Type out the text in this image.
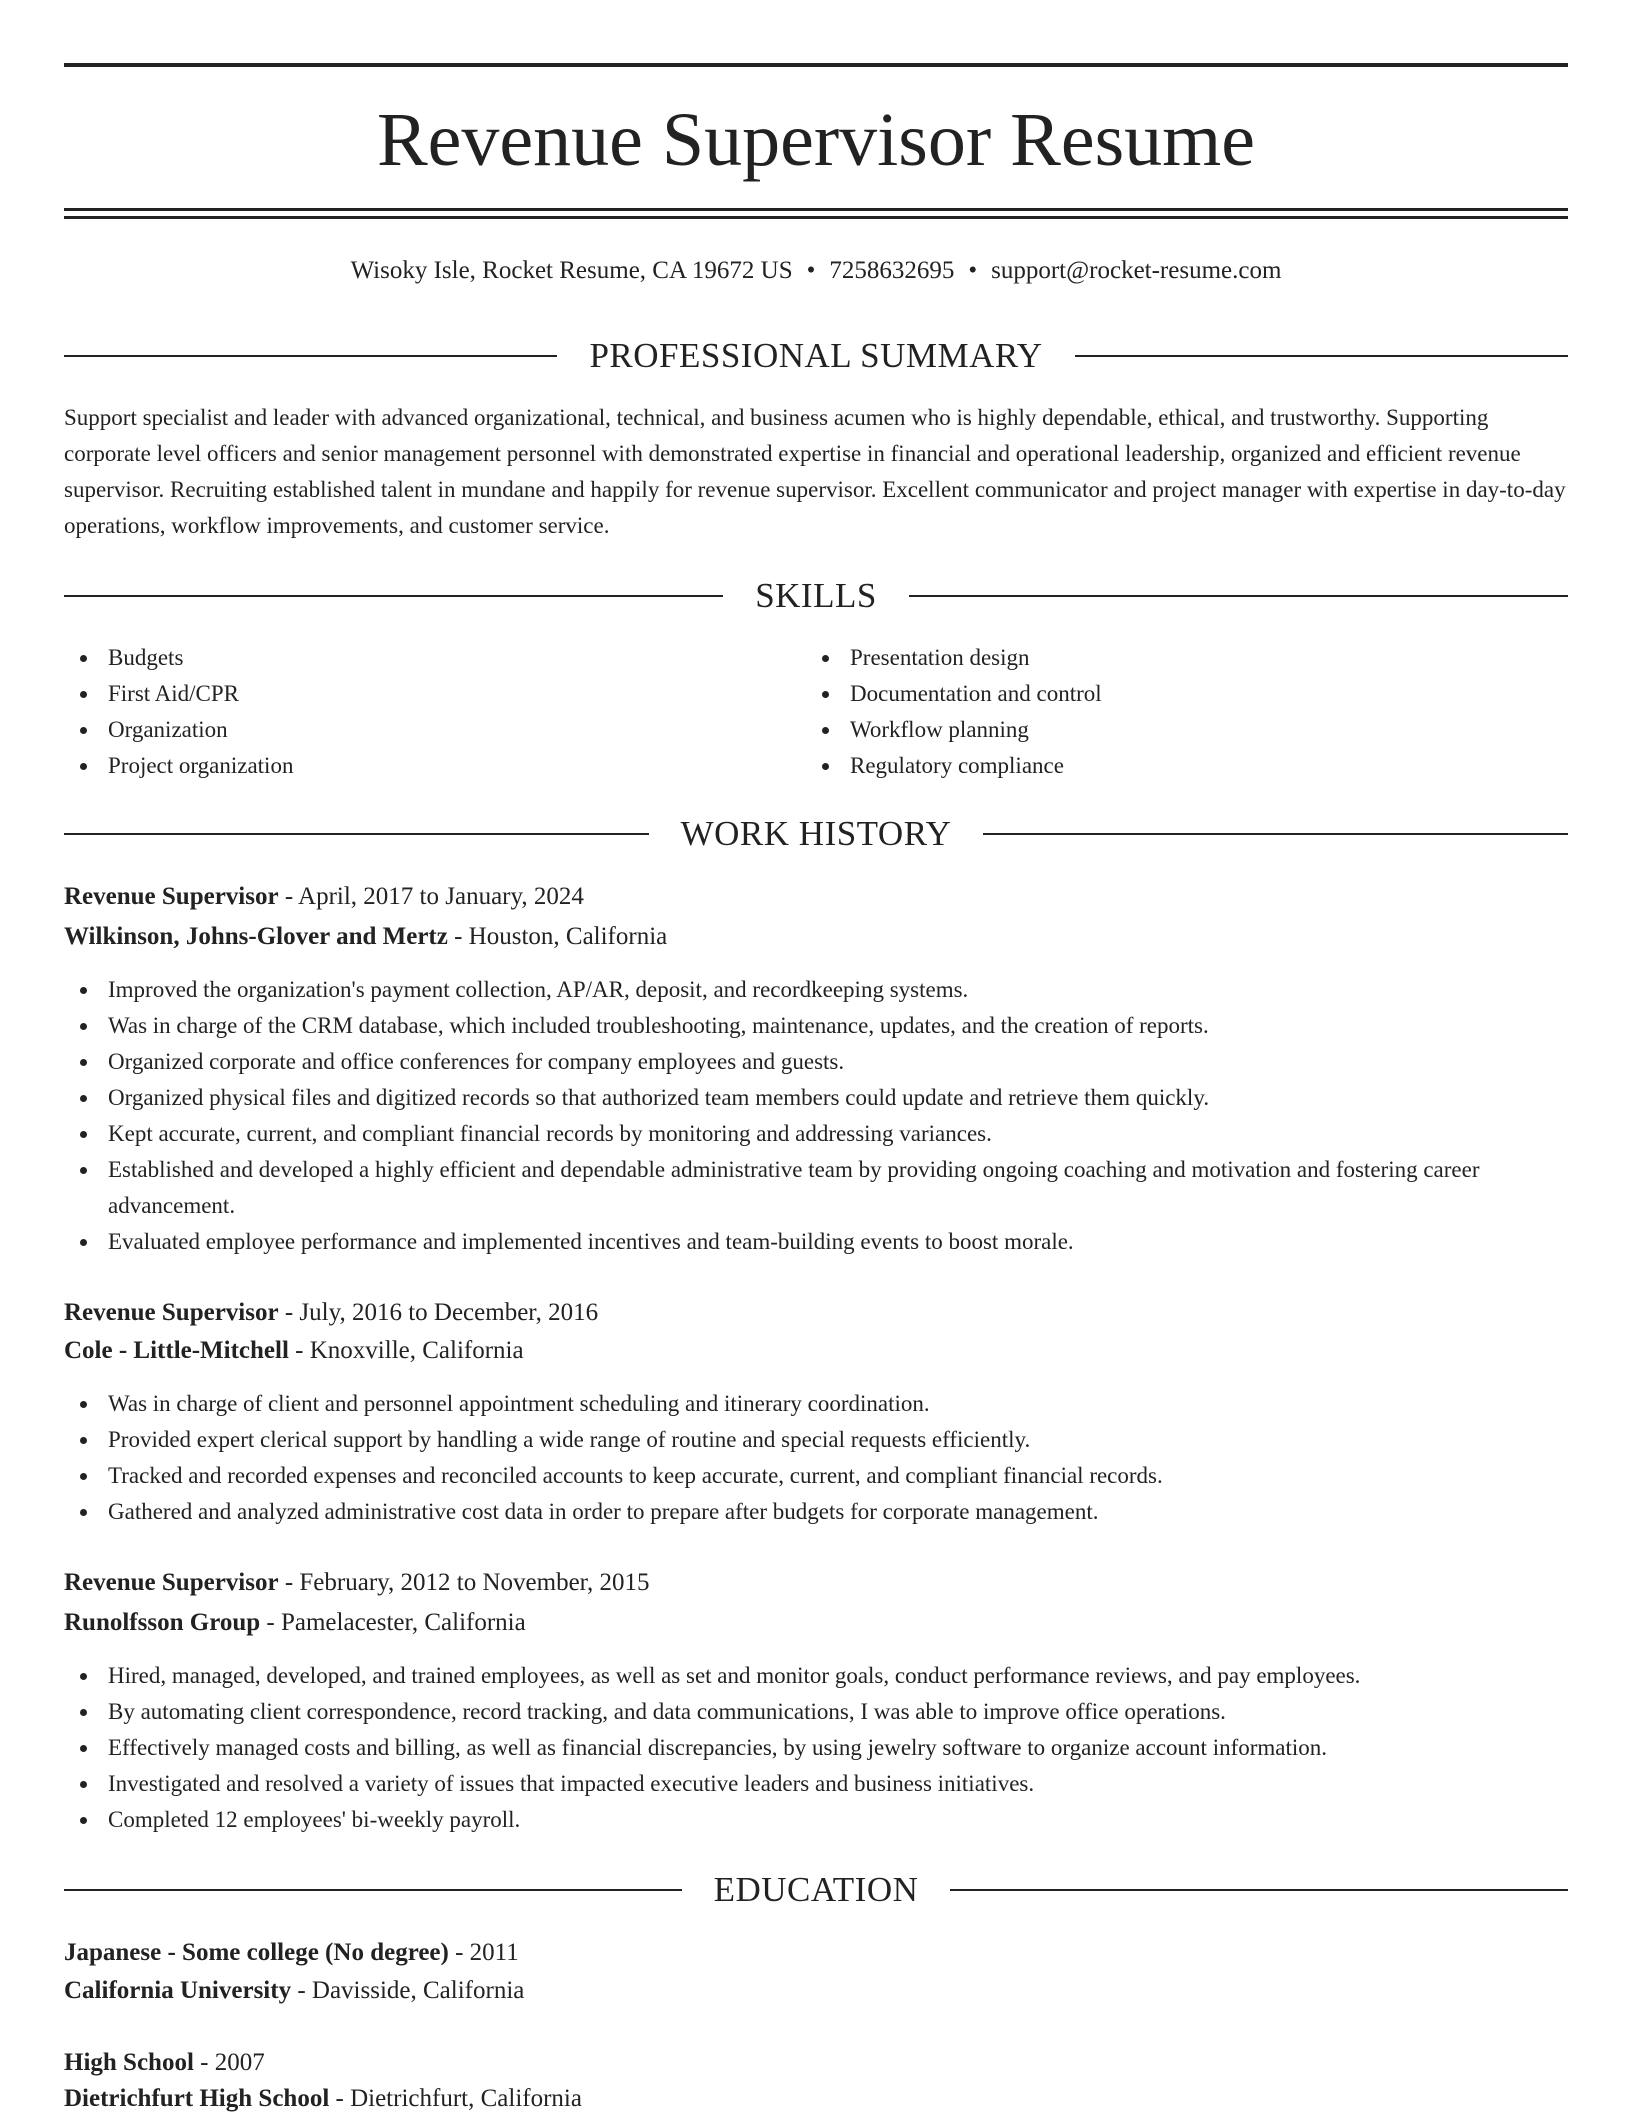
Revenue Supervisor Resume
Wisoky Isle, Rocket Resume, CA 19672 US • 7258632695 • support@rocket-resume.com
PROFESSIONAL SUMMARY

Support specialist and leader with advanced organizational, technical, and business acumen who is highly dependable, ethical, and trustworthy. Supporting corporate level officers and senior management personnel with demonstrated expertise in financial and operational leadership, organized and efficient revenue supervisor. Recruiting established talent in mundane and happily for revenue supervisor. Excellent communicator and project manager with expertise in day-to-day operations, workflow improvements, and customer service.

SKILLS
Budgets
First Aid/CPR
Organization
Project organization
Presentation design
Documentation and control
Workflow planning
Regulatory compliance
WORK HISTORY

Revenue Supervisor - April, 2017 to January, 2024

Wilkinson, Johns-Glover and Mertz - Houston, California

Improved the organization's payment collection, AP/AR, deposit, and recordkeeping systems.
Was in charge of the CRM database, which included troubleshooting, maintenance, updates, and the creation of reports.
Organized corporate and office conferences for company employees and guests.
Organized physical files and digitized records so that authorized team members could update and retrieve them quickly.
Kept accurate, current, and compliant financial records by monitoring and addressing variances.
Established and developed a highly efficient and dependable administrative team by providing ongoing coaching and motivation and fostering career advancement.
Evaluated employee performance and implemented incentives and team-building events to boost morale.

Revenue Supervisor - July, 2016 to December, 2016

Cole - Little-Mitchell - Knoxville, California

Was in charge of client and personnel appointment scheduling and itinerary coordination.
Provided expert clerical support by handling a wide range of routine and special requests efficiently.
Tracked and recorded expenses and reconciled accounts to keep accurate, current, and compliant financial records.
Gathered and analyzed administrative cost data in order to prepare after budgets for corporate management.

Revenue Supervisor - February, 2012 to November, 2015

Runolfsson Group - Pamelacester, California

Hired, managed, developed, and trained employees, as well as set and monitor goals, conduct performance reviews, and pay employees.
By automating client correspondence, record tracking, and data communications, I was able to improve office operations.
Effectively managed costs and billing, as well as financial discrepancies, by using jewelry software to organize account information.
Investigated and resolved a variety of issues that impacted executive leaders and business initiatives.
Completed 12 employees' bi-weekly payroll.
EDUCATION

Japanese - Some college (No degree) - 2011

California University - Davisside, California

High School - 2007

Dietrichfurt High School - Dietrichfurt, California
